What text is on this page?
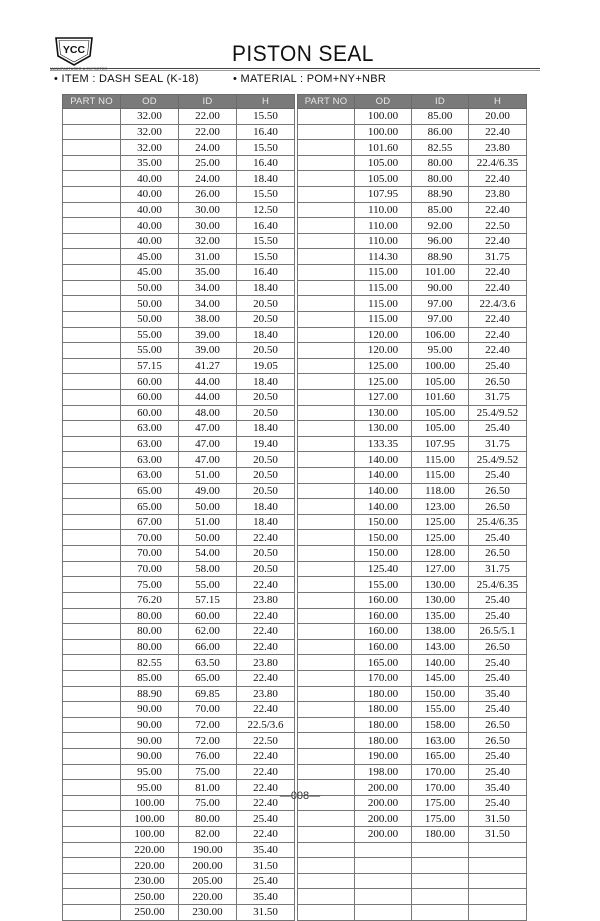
YCC
MANUFACTURER & EXPORTER
PISTON SEAL
• ITEM : DASH SEAL (K-18)	• MATERIAL : POM+NY+NBR
PART NO	OD	ID	H
	32.00	22.00	15.50
	32.00	22.00	16.40
	32.00	24.00	15.50
	35.00	25.00	16.40
	40.00	24.00	18.40
	40.00	26.00	15.50
	40.00	30.00	12.50
	40.00	30.00	16.40
	40.00	32.00	15.50
	45.00	31.00	15.50
	45.00	35.00	16.40
	50.00	34.00	18.40
	50.00	34.00	20.50
	50.00	38.00	20.50
	55.00	39.00	18.40
	55.00	39.00	20.50
	57.15	41.27	19.05
	60.00	44.00	18.40
	60.00	44.00	20.50
	60.00	48.00	20.50
	63.00	47.00	18.40
	63.00	47.00	19.40
	63.00	47.00	20.50
	63.00	51.00	20.50
	65.00	49.00	20.50
	65.00	50.00	18.40
	67.00	51.00	18.40
	70.00	50.00	22.40
	70.00	54.00	20.50
	70.00	58.00	20.50
	75.00	55.00	22.40
	76.20	57.15	23.80
	80.00	60.00	22.40
	80.00	62.00	22.40
	80.00	66.00	22.40
	82.55	63.50	23.80
	85.00	65.00	22.40
	88.90	69.85	23.80
	90.00	70.00	22.40
	90.00	72.00	22.5/3.6
	90.00	72.00	22.50
	90.00	76.00	22.40
	95.00	75.00	22.40
	95.00	81.00	22.40
	100.00	75.00	22.40
	100.00	80.00	25.40
	100.00	82.00	22.40
	220.00	190.00	35.40
	220.00	200.00	31.50
	230.00	205.00	25.40
	250.00	220.00	35.40
	250.00	230.00	31.50
PART NO	OD	ID	H
	100.00	85.00	20.00
	100.00	86.00	22.40
	101.60	82.55	23.80
	105.00	80.00	22.4/6.35
	105.00	80.00	22.40
	107.95	88.90	23.80
	110.00	85.00	22.40
	110.00	92.00	22.50
	110.00	96.00	22.40
	114.30	88.90	31.75
	115.00	101.00	22.40
	115.00	90.00	22.40
	115.00	97.00	22.4/3.6
	115.00	97.00	22.40
	120.00	106.00	22.40
	120.00	95.00	22.40
	125.00	100.00	25.40
	125.00	105.00	26.50
	127.00	101.60	31.75
	130.00	105.00	25.4/9.52
	130.00	105.00	25.40
	133.35	107.95	31.75
	140.00	115.00	25.4/9.52
	140.00	115.00	25.40
	140.00	118.00	26.50
	140.00	123.00	26.50
	150.00	125.00	25.4/6.35
	150.00	125.00	25.40
	150.00	128.00	26.50
	125.40	127.00	31.75
	155.00	130.00	25.4/6.35
	160.00	130.00	25.40
	160.00	135.00	25.40
	160.00	138.00	26.5/5.1
	160.00	143.00	26.50
	165.00	140.00	25.40
	170.00	145.00	25.40
	180.00	150.00	35.40
	180.00	155.00	25.40
	180.00	158.00	26.50
	180.00	163.00	26.50
	190.00	165.00	25.40
	198.00	170.00	25.40
	200.00	170.00	35.40
	200.00	175.00	25.40
	200.00	175.00	31.50
	200.00	180.00	31.50

—008—
